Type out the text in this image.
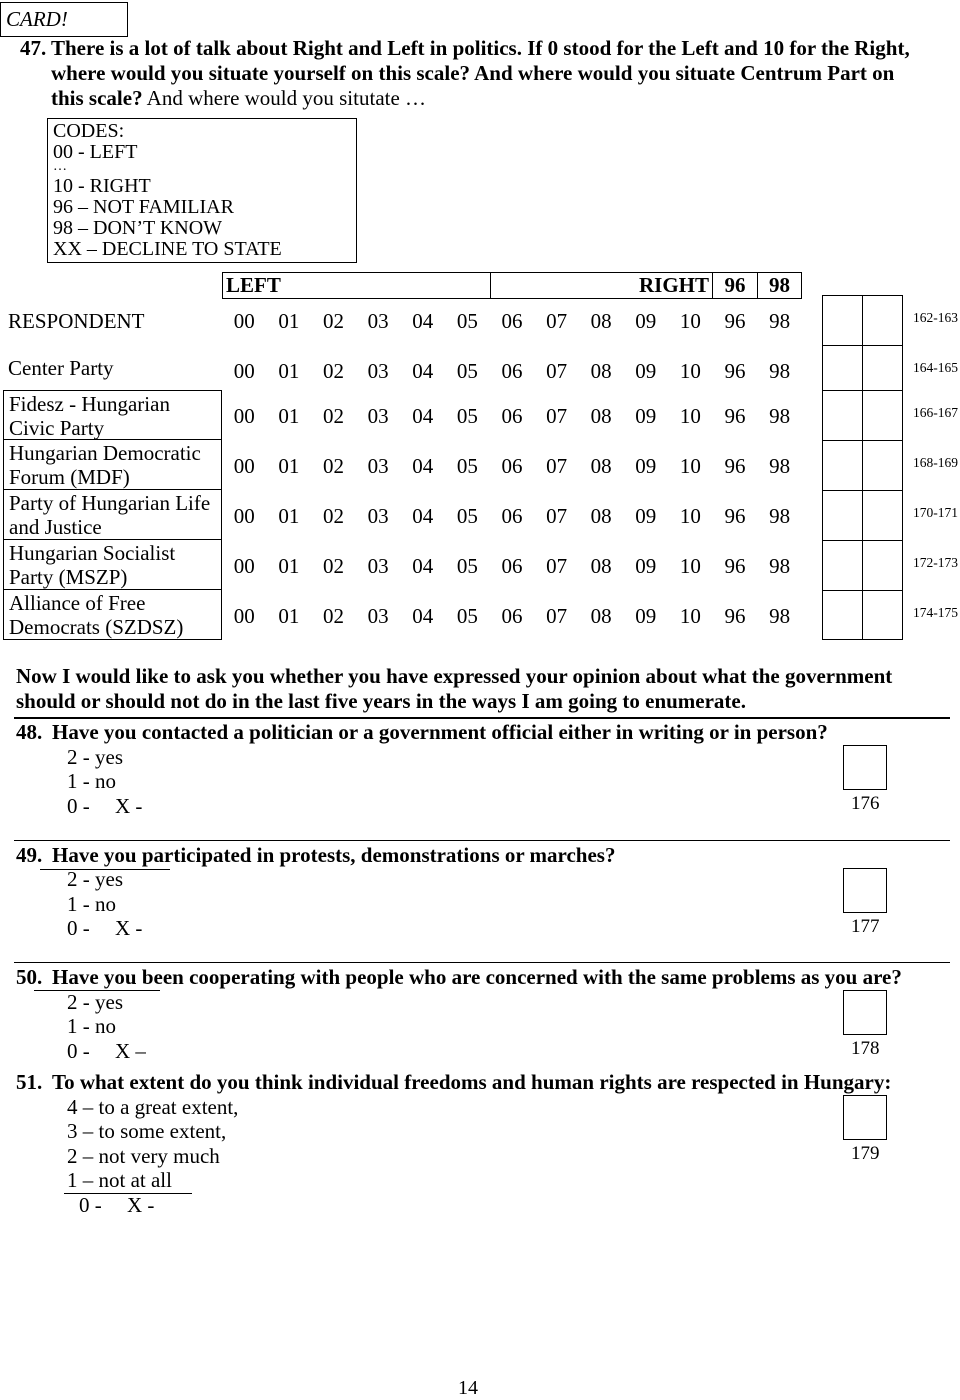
CARD!
47. There is a lot of talk about Right and Left in politics. If 0 stood for the Left and 10 for the Right,
where would you situate yourself on this scale? And where would you situate Centrum Part on
this scale? And where would you situtate …
CODES:
00 - LEFT
…
10 - RIGHT
96 – NOT FAMILIAR
98 – DON’T KNOW
XX – DECLINE TO STATE
LEFT	RIGHT 96	98
RESPONDENT	00	01	02	03	04	05	06	07	08	09	10	96	98	162-163
Center Party	00	01	02	03	04	05	06	07	08	09	10	96	98	164-165
Fidesz - Hungarian
Civic Party	00	01	02	03	04	05	06	07	08	09	10	96	98	166-167
Hungarian Democratic
Forum (MDF)	00	01	02	03	04	05	06	07	08	09	10	96	98	168-169
Party of Hungarian Life
and Justice	00	01	02	03	04	05	06	07	08	09	10	96	98	170-171
Hungarian Socialist
Party (MSZP)	00	01	02	03	04	05	06	07	08	09	10	96	98	172-173
Alliance of Free
Democrats (SZDSZ)	00	01	02	03	04	05	06	07	08	09	10	96	98	174-175
Now I would like to ask you whether you have expressed your opinion about what the government
should or should not do in the last five years in the ways I am going to enumerate.
48. Have you contacted a politician or a government official either in writing or in person?
2 - yes
1 - no
0 - X -	176
49. Have you participated in protests, demonstrations or marches?
2 - yes
1 - no
0 - X -	177
50. Have you been cooperating with people who are concerned with the same problems as you are?
2 - yes
1 - no
0 - X –	178
51. To what extent do you think individual freedoms and human rights are respected in Hungary:
4 – to a great extent,
3 – to some extent,
2 – not very much
1 – not at all
0 - X -
179
14
